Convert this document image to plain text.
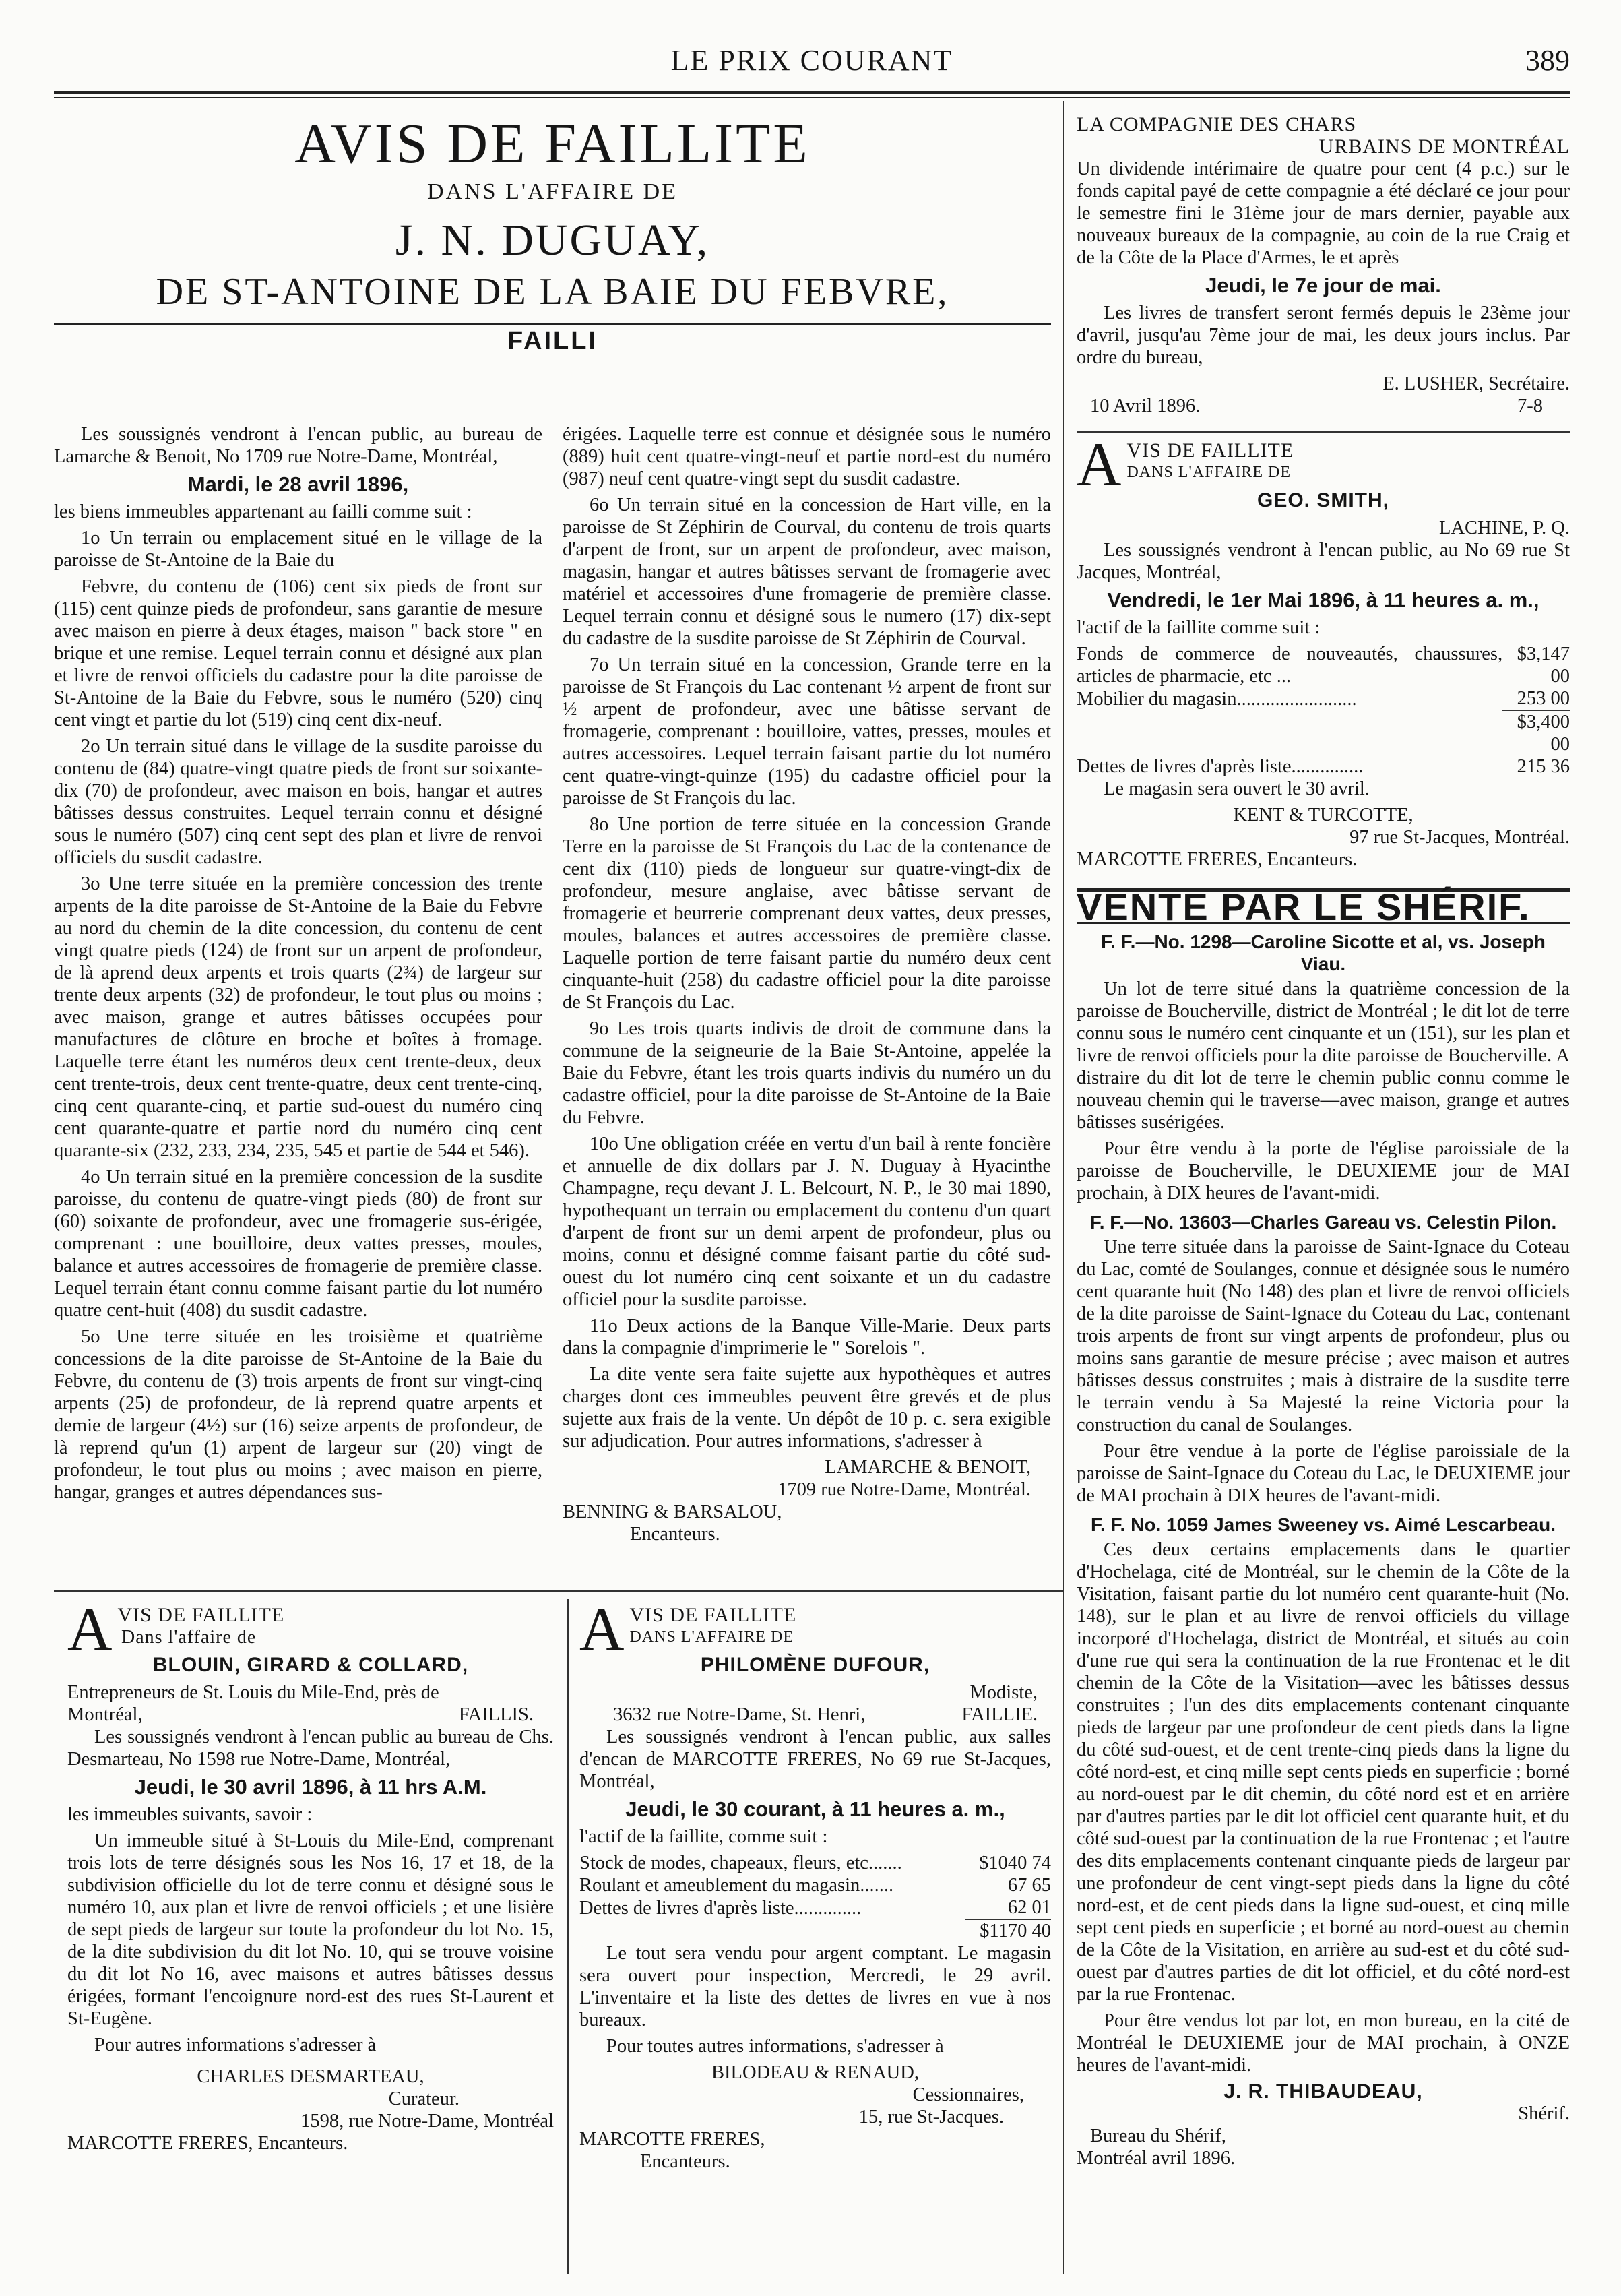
LE PRIX COURANT	389
AVIS DE FAILLITE
DANS L'AFFAIRE DE
J. N. DUGUAY,
DE ST-ANTOINE DE LA BAIE DU FEBVRE,
FAILLI

Les soussignés vendront à l'encan public, au bureau de Lamarche & Benoit, No 1709 rue Notre-Dame, Montréal,

Mardi, le 28 avril 1896,

les biens immeubles appartenant au failli comme suit :

1o Un terrain ou emplacement situé en le village de la paroisse de St-Antoine de la Baie du

Febvre, du contenu de (106) cent six pieds de front sur (115) cent quinze pieds de profondeur, sans garantie de mesure avec maison en pierre à deux étages, maison " back store " en brique et une remise. Lequel terrain connu et désigné aux plan et livre de renvoi officiels du cadastre pour la dite paroisse de St-Antoine de la Baie du Febvre, sous le numéro (520) cinq cent vingt et partie du lot (519) cinq cent dix-neuf.

2o Un terrain situé dans le village de la susdite paroisse du contenu de (84) quatre-vingt quatre pieds de front sur soixante-dix (70) de profondeur, avec maison en bois, hangar et autres bâtisses dessus construites. Lequel terrain connu et désigné sous le numéro (507) cinq cent sept des plan et livre de renvoi officiels du susdit cadastre.

3o Une terre située en la première concession des trente arpents de la dite paroisse de St-Antoine de la Baie du Febvre au nord du chemin de la dite concession, du contenu de cent vingt quatre pieds (124) de front sur un arpent de profondeur, de là aprend deux arpents et trois quarts (2¾) de largeur sur trente deux arpents (32) de profondeur, le tout plus ou moins ; avec maison, grange et autres bâtisses occupées pour manufactures de clôture en broche et boîtes à fromage. Laquelle terre étant les numéros deux cent trente-deux, deux cent trente-trois, deux cent trente-quatre, deux cent trente-cinq, cinq cent quarante-cinq, et partie sud-ouest du numéro cinq cent quarante-quatre et partie nord du numéro cinq cent quarante-six (232, 233, 234, 235, 545 et partie de 544 et 546).

4o Un terrain situé en la première concession de la susdite paroisse, du contenu de quatre-vingt pieds (80) de front sur (60) soixante de profondeur, avec une fromagerie sus-érigée, comprenant : une bouilloire, deux vattes presses, moules, balance et autres accessoires de fromagerie de première classe. Lequel terrain étant connu comme faisant partie du lot numéro quatre cent-huit (408) du susdit cadastre.

5o Une terre située en les troisième et quatrième concessions de la dite paroisse de St-Antoine de la Baie du Febvre, du contenu de (3) trois arpents de front sur vingt-cinq arpents (25) de profondeur, de là reprend quatre arpents et demie de largeur (4½) sur (16) seize arpents de profondeur, de là reprend qu'un (1) arpent de largeur sur (20) vingt de profondeur, le tout plus ou moins ; avec maison en pierre, hangar, granges et autres dépendances sus-

érigées. Laquelle terre est connue et désignée sous le numéro (889) huit cent quatre-vingt-neuf et partie nord-est du numéro (987) neuf cent quatre-vingt sept du susdit cadastre.

6o Un terrain situé en la concession de Hart ville, en la paroisse de St Zéphirin de Courval, du contenu de trois quarts d'arpent de front, sur un arpent de profondeur, avec maison, magasin, hangar et autres bâtisses servant de fromagerie avec matériel et accessoires d'une fromagerie de première classe. Lequel terrain connu et désigné sous le numero (17) dix-sept du cadastre de la susdite paroisse de St Zéphirin de Courval.

7o Un terrain situé en la concession, Grande terre en la paroisse de St François du Lac contenant ½ arpent de front sur ½ arpent de profondeur, avec une bâtisse servant de fromagerie, comprenant : bouilloire, vattes, presses, moules et autres accessoires. Lequel terrain faisant partie du lot numéro cent quatre-vingt-quinze (195) du cadastre officiel pour la paroisse de St François du lac.

8o Une portion de terre située en la concession Grande Terre en la paroisse de St François du Lac de la contenance de cent dix (110) pieds de longueur sur quatre-vingt-dix de profondeur, mesure anglaise, avec bâtisse servant de fromagerie et beurrerie comprenant deux vattes, deux presses, moules, balances et autres accessoires de première classe. Laquelle portion de terre faisant partie du numéro deux cent cinquante-huit (258) du cadastre officiel pour la dite paroisse de St François du Lac.

9o Les trois quarts indivis de droit de commune dans la commune de la seigneurie de la Baie St-Antoine, appelée la Baie du Febvre, étant les trois quarts indivis du numéro un du cadastre officiel, pour la dite paroisse de St-Antoine de la Baie du Febvre.

10o Une obligation créée en vertu d'un bail à rente foncière et annuelle de dix dollars par J. N. Duguay à Hyacinthe Champagne, reçu devant J. L. Belcourt, N. P., le 30 mai 1890, hypothequant un terrain ou emplacement du contenu d'un quart d'arpent de front sur un demi arpent de profondeur, plus ou moins, connu et désigné comme faisant partie du côté sud-ouest du lot numéro cinq cent soixante et un du cadastre officiel pour la susdite paroisse.

11o Deux actions de la Banque Ville-Marie. Deux parts dans la compagnie d'imprimerie le " Sorelois ".

La dite vente sera faite sujette aux hypothèques et autres charges dont ces immeubles peuvent être grevés et de plus sujette aux frais de la vente. Un dépôt de 10 p. c. sera exigible sur adjudication. Pour autres informations, s'adresser à

LAMARCHE & BENOIT,
1709 rue Notre-Dame, Montréal.
BENNING & BARSALOU,
Encanteurs.
LA COMPAGNIE DES CHARS
URBAINS DE MONTRÉAL

Un dividende intérimaire de quatre pour cent (4 p.c.) sur le fonds capital payé de cette compagnie a été déclaré ce jour pour le semestre fini le 31ème jour de mars dernier, payable aux nouveaux bureaux de la compagnie, au coin de la rue Craig et de la Côte de la Place d'Armes, le et après

Jeudi, le 7e jour de mai.

Les livres de transfert seront fermés depuis le 23ème jour d'avril, jusqu'au 7ème jour de mai, les deux jours inclus. Par ordre du bureau,

E. LUSHER, Secrétaire.
10 Avril 1896.	7-8
A VIS DE FAILLITE
DANS L'AFFAIRE DE
GEO. SMITH,
LACHINE, P. Q.

Les soussignés vendront à l'encan public, au No 69 rue St Jacques, Montréal,

Vendredi, le 1er Mai 1896, à 11 heures a. m.,

l'actif de la faillite comme suit :

Fonds de commerce de nouveautés, chaussures, articles de pharmacie, etc ...	$3,147 00
Mobilier du magasin.........................	253 00
	$3,400 00
Dettes de livres d'après liste...............	215 36

Le magasin sera ouvert le 30 avril.

KENT & TURCOTTE,
97 rue St-Jacques, Montréal.
MARCOTTE FRERES, Encanteurs.
VENTE PAR LE SHÉRIF.
F. F.—No. 1298—Caroline Sicotte et al, vs. Joseph Viau.

Un lot de terre situé dans la quatrième concession de la paroisse de Boucherville, district de Montréal ; le dit lot de terre connu sous le numéro cent cinquante et un (151), sur les plan et livre de renvoi officiels pour la dite paroisse de Boucherville. A distraire du dit lot de terre le chemin public connu comme le nouveau chemin qui le traverse—avec maison, grange et autres bâtisses susérigées.

Pour être vendu à la porte de l'église paroissiale de la paroisse de Boucherville, le DEUXIEME jour de MAI prochain, à DIX heures de l'avant-midi.

F. F.—No. 13603—Charles Gareau vs. Celestin Pilon.

Une terre située dans la paroisse de Saint-Ignace du Coteau du Lac, comté de Soulanges, connue et désignée sous le numéro cent quarante huit (No 148) des plan et livre de renvoi officiels de la dite paroisse de Saint-Ignace du Coteau du Lac, contenant trois arpents de front sur vingt arpents de profondeur, plus ou moins sans garantie de mesure précise ; avec maison et autres bâtisses dessus construites ; mais à distraire de la susdite terre le terrain vendu à Sa Majesté la reine Victoria pour la construction du canal de Soulanges.

Pour être vendue à la porte de l'église paroissiale de la paroisse de Saint-Ignace du Coteau du Lac, le DEUXIEME jour de MAI prochain à DIX heures de l'avant-midi.

F. F. No. 1059 James Sweeney vs. Aimé Lescarbeau.

Ces deux certains emplacements dans le quartier d'Hochelaga, cité de Montréal, sur le chemin de la Côte de la Visitation, faisant partie du lot numéro cent quarante-huit (No. 148), sur le plan et au livre de renvoi officiels du village incorporé d'Hochelaga, district de Montréal, et situés au coin d'une rue qui sera la continuation de la rue Frontenac et le dit chemin de la Côte de la Visitation—avec les bâtisses dessus construites ; l'un des dits emplacements contenant cinquante pieds de largeur par une profondeur de cent pieds dans la ligne du côté sud-ouest, et de cent trente-cinq pieds dans la ligne du côté nord-est, et cinq mille sept cents pieds en superficie ; borné au nord-ouest par le dit chemin, du côté nord est et en arrière par d'autres parties par le dit lot officiel cent quarante huit, et du côté sud-ouest par la continuation de la rue Frontenac ; et l'autre des dits emplacements contenant cinquante pieds de largeur par une profondeur de cent vingt-sept pieds dans la ligne du côté nord-est, et de cent pieds dans la ligne sud-ouest, et cinq mille sept cent pieds en superficie ; et borné au nord-ouest au chemin de la Côte de la Visitation, en arrière au sud-est et du côté sud-ouest par d'autres parties de dit lot officiel, et du côté nord-est par la rue Frontenac.

Pour être vendus lot par lot, en mon bureau, en la cité de Montréal le DEUXIEME jour de MAI prochain, à ONZE heures de l'avant-midi.

J. R. THIBAUDEAU,
Shérif.
Bureau du Shérif,
Montréal avril 1896.
A VIS DE FAILLITE
Dans l'affaire de
BLOUIN, GIRARD & COLLARD,
Entrepreneurs de St. Louis du Mile-End, près de
Montréal,	FAILLIS.

Les soussignés vendront à l'encan public au bureau de Chs. Desmarteau, No 1598 rue Notre-Dame, Montréal,

Jeudi, le 30 avril 1896, à 11 hrs A.M.

les immeubles suivants, savoir :

Un immeuble situé à St-Louis du Mile-End, comprenant trois lots de terre désignés sous les Nos 16, 17 et 18, de la subdivision officielle du lot de terre connu et désigné sous le numéro 10, aux plan et livre de renvoi officiels ; et une lisière de sept pieds de largeur sur toute la profondeur du lot No. 15, de la dite subdivision du dit lot No. 10, qui se trouve voisine du dit lot No 16, avec maisons et autres bâtisses dessus érigées, formant l'encoignure nord-est des rues St-Laurent et St-Eugène.

Pour autres informations s'adresser à

CHARLES DESMARTEAU,
Curateur.
1598, rue Notre-Dame, Montréal
MARCOTTE FRERES, Encanteurs.
A VIS DE FAILLITE
DANS L'AFFAIRE DE
PHILOMÈNE DUFOUR,
Modiste,
3632 rue Notre-Dame, St. Henri,	FAILLIE.

Les soussignés vendront à l'encan public, aux salles d'encan de MARCOTTE FRERES, No 69 rue St-Jacques, Montréal,

Jeudi, le 30 courant, à 11 heures a. m.,

l'actif de la faillite, comme suit :

Stock de modes, chapeaux, fleurs, etc.......	$1040 74
Roulant et ameublement du magasin.......	67 65
Dettes de livres d'après liste..............	62 01
	$1170 40

Le tout sera vendu pour argent comptant. Le magasin sera ouvert pour inspection, Mercredi, le 29 avril. L'inventaire et la liste des dettes de livres en vue à nos bureaux.

Pour toutes autres informations, s'adresser à

BILODEAU & RENAUD,
Cessionnaires,
15, rue St-Jacques.
MARCOTTE FRERES,
Encanteurs.
